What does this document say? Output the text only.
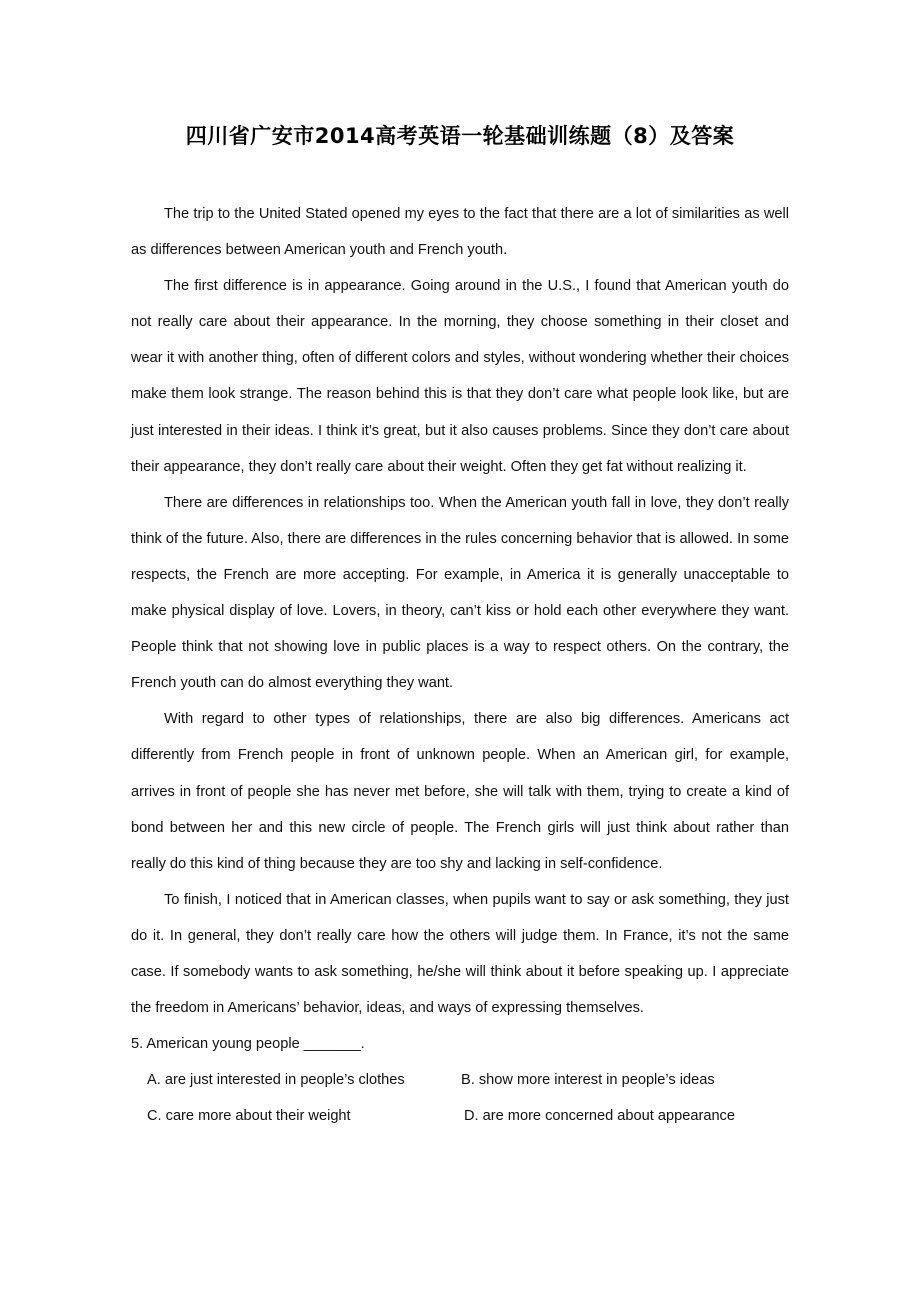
四川省广安市2014高考英语一轮基础训练题（8）及答案

The trip to the United Stated opened my eyes to the fact that there are a lot of similarities as well as differences between American youth and French youth.

The first difference is in appearance. Going around in the U.S., I found that American youth do not really care about their appearance. In the morning, they choose something in their closet and wear it with another thing, often of different colors and styles, without wondering whether their choices make them look strange. The reason behind this is that they don’t care what people look like, but are just interested in their ideas. I think it’s great, but it also causes problems. Since they don’t care about their appearance, they don’t really care about their weight. Often they get fat without realizing it.

There are differences in relationships too. When the American youth fall in love, they don’t really think of the future. Also, there are differences in the rules concerning behavior that is allowed. In some respects, the French are more accepting. For example, in America it is generally unacceptable to make physical display of love. Lovers, in theory, can’t kiss or hold each other everywhere they want. People think that not showing love in public places is a way to respect others. On the contrary, the French youth can do almost everything they want.

With regard to other types of relationships, there are also big differences. Americans act differently from French people in front of unknown people. When an American girl, for example, arrives in front of people she has never met before, she will talk with them, trying to create a kind of bond between her and this new circle of people. The French girls will just think about rather than really do this kind of thing because they are too shy and lacking in self-confidence.

To finish, I noticed that in American classes, when pupils want to say or ask something, they just do it. In general, they don’t really care how the others will judge them. In France, it’s not the same case. If somebody wants to ask something, he/she will think about it before speaking up. I appreciate the freedom in Americans’ behavior, ideas, and ways of expressing themselves.

5. American young people _______.

A. are just interested in people’s clothes	B. show more interest in people’s ideas
C. care more about their weight	D. are more concerned about appearance
